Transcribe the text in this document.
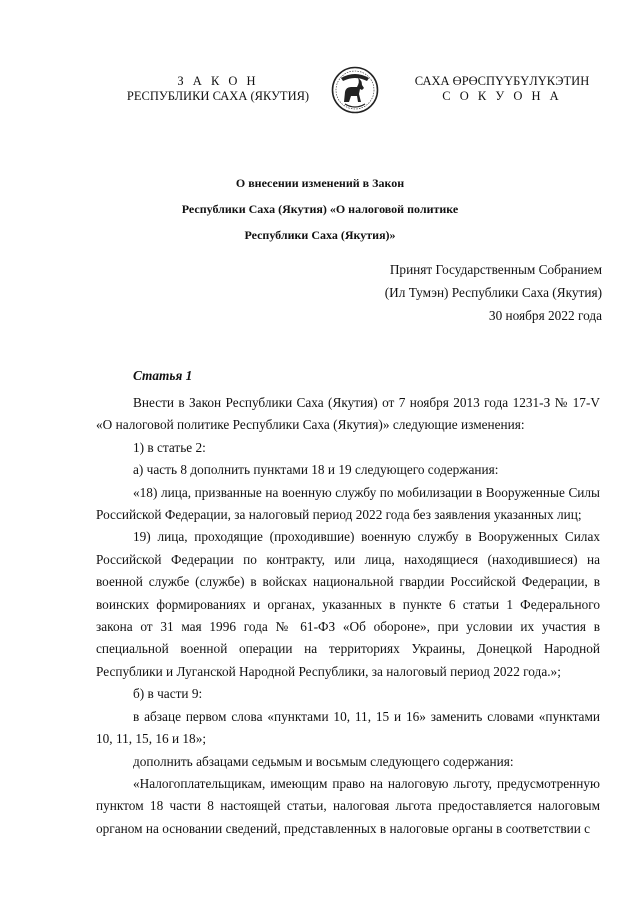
З А К О Н
РЕСПУБЛИКИ САХА (ЯКУТИЯ)
САХА ӨРӨСПҮҮБҮЛҮКЭТИН
С О К У О Н А
О внесении изменений в Закон
Республики Саха (Якутия) «О налоговой политике
Республики Саха (Якутия)»
Принят Государственным Собранием
(Ил Тумэн) Республики Саха (Якутия)
30 ноября 2022 года
Статья 1

Внести в Закон Республики Саха (Якутия) от 7 ноября 2013 года 1231-З № 17-V «О налоговой политике Республики Саха (Якутия)» следующие изменения:

1) в статье 2:

а) часть 8 дополнить пунктами 18 и 19 следующего содержания:

«18) лица, призванные на военную службу по мобилизации в Вооруженные Силы Российской Федерации, за налоговый период 2022 года без заявления указанных лиц;

19) лица, проходящие (проходившие) военную службу в Вооруженных Силах Российской Федерации по контракту, или лица, находящиеся (находившиеся) на военной службе (службе) в войсках национальной гвардии Российской Федерации, в воинских формированиях и органах, указанных в пункте 6 статьи 1 Федерального закона от 31 мая 1996 года № 61-ФЗ «Об обороне», при условии их участия в специальной военной операции на территориях Украины, Донецкой Народной Республики и Луганской Народной Республики, за налоговый период 2022 года.»;

б) в части 9:

в абзаце первом слова «пунктами 10, 11, 15 и 16» заменить словами «пунктами 10, 11, 15, 16 и 18»;

дополнить абзацами седьмым и восьмым следующего содержания:

«Налогоплательщикам, имеющим право на налоговую льготу, предусмотренную пунктом 18 части 8 настоящей статьи, налоговая льгота предоставляется налоговым органом на основании сведений, представленных в налоговые органы в соответствии с
